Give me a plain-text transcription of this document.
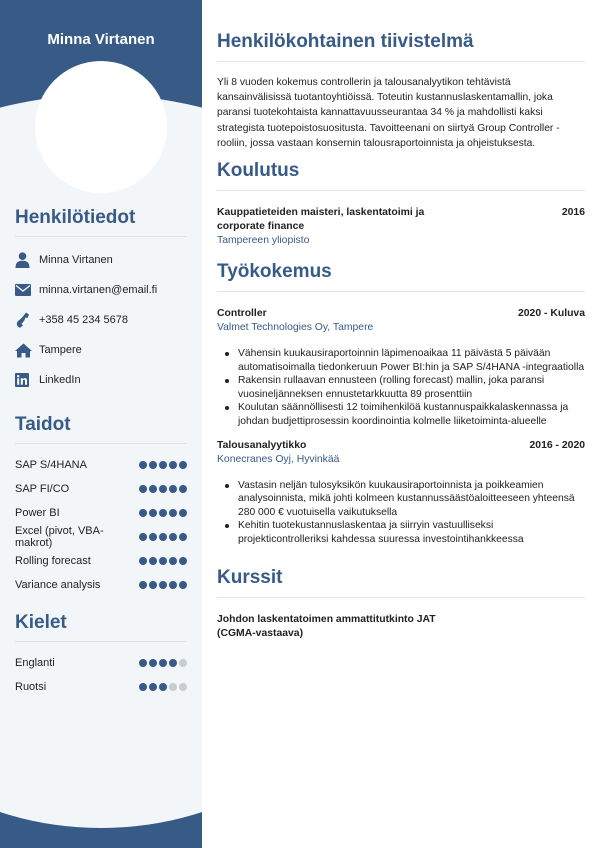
Minna Virtanen
Henkilötiedot
Minna Virtanen
minna.virtanen@email.fi
+358 45 234 5678
Tampere
LinkedIn
Taidot
SAP S/4HANA
SAP FI/CO
Power BI
Excel (pivot, VBA-makrot)
Rolling forecast
Variance analysis
Kielet
Englanti
Ruotsi
Henkilökohtainen tiivistelmä

Yli 8 vuoden kokemus controllerin ja talousanalyytikon tehtävistä kansainvälisissä tuotantoyhtiöissä. Toteutin kustannuslaskentamallin, joka paransi tuotekohtaista kannattavuusseurantaa 34 % ja mahdollisti kaksi strategista tuotepoistosuositusta. Tavoitteenani on siirtyä Group Controller -rooliin, jossa vastaan konsernin talousraportoinnista ja ohjeistuksesta.

Koulutus
Kauppatieteiden maisteri, laskentatoimi ja corporate finance
2016
Tampereen yliopisto
Työkokemus
Controller	2020 - Kuluva
Valmet Technologies Oy, Tampere
Vähensin kuukausiraportoinnin läpimenoaikaa 11 päivästä 5 päivään automatisoimalla tiedonkeruun Power BI:hin ja SAP S/4HANA -integraatiolla
Rakensin rullaavan ennusteen (rolling forecast) mallin, joka paransi vuosineljänneksen ennustetarkkuutta 89 prosenttiin
Koulutan säännöllisesti 12 toimihenkilöä kustannuspaikkalaskennassa ja johdan budjettiprosessin koordinointia kolmelle liiketoiminta-alueelle
Talousanalyytikko	2016 - 2020
Konecranes Oyj, Hyvinkää
Vastasin neljän tulosyksikön kuukausiraportoinnista ja poikkeamien analysoinnista, mikä johti kolmeen kustannussäästöaloitteeseen yhteensä 280 000 € vuotuisella vaikutuksella
Kehitin tuotekustannuslaskentaa ja siirryin vastuulliseksi projekticontrolleriksi kahdessa suuressa investointihankkeessa
Kurssit
Johdon laskentatoimen ammattitutkinto JAT (CGMA-vastaava)
